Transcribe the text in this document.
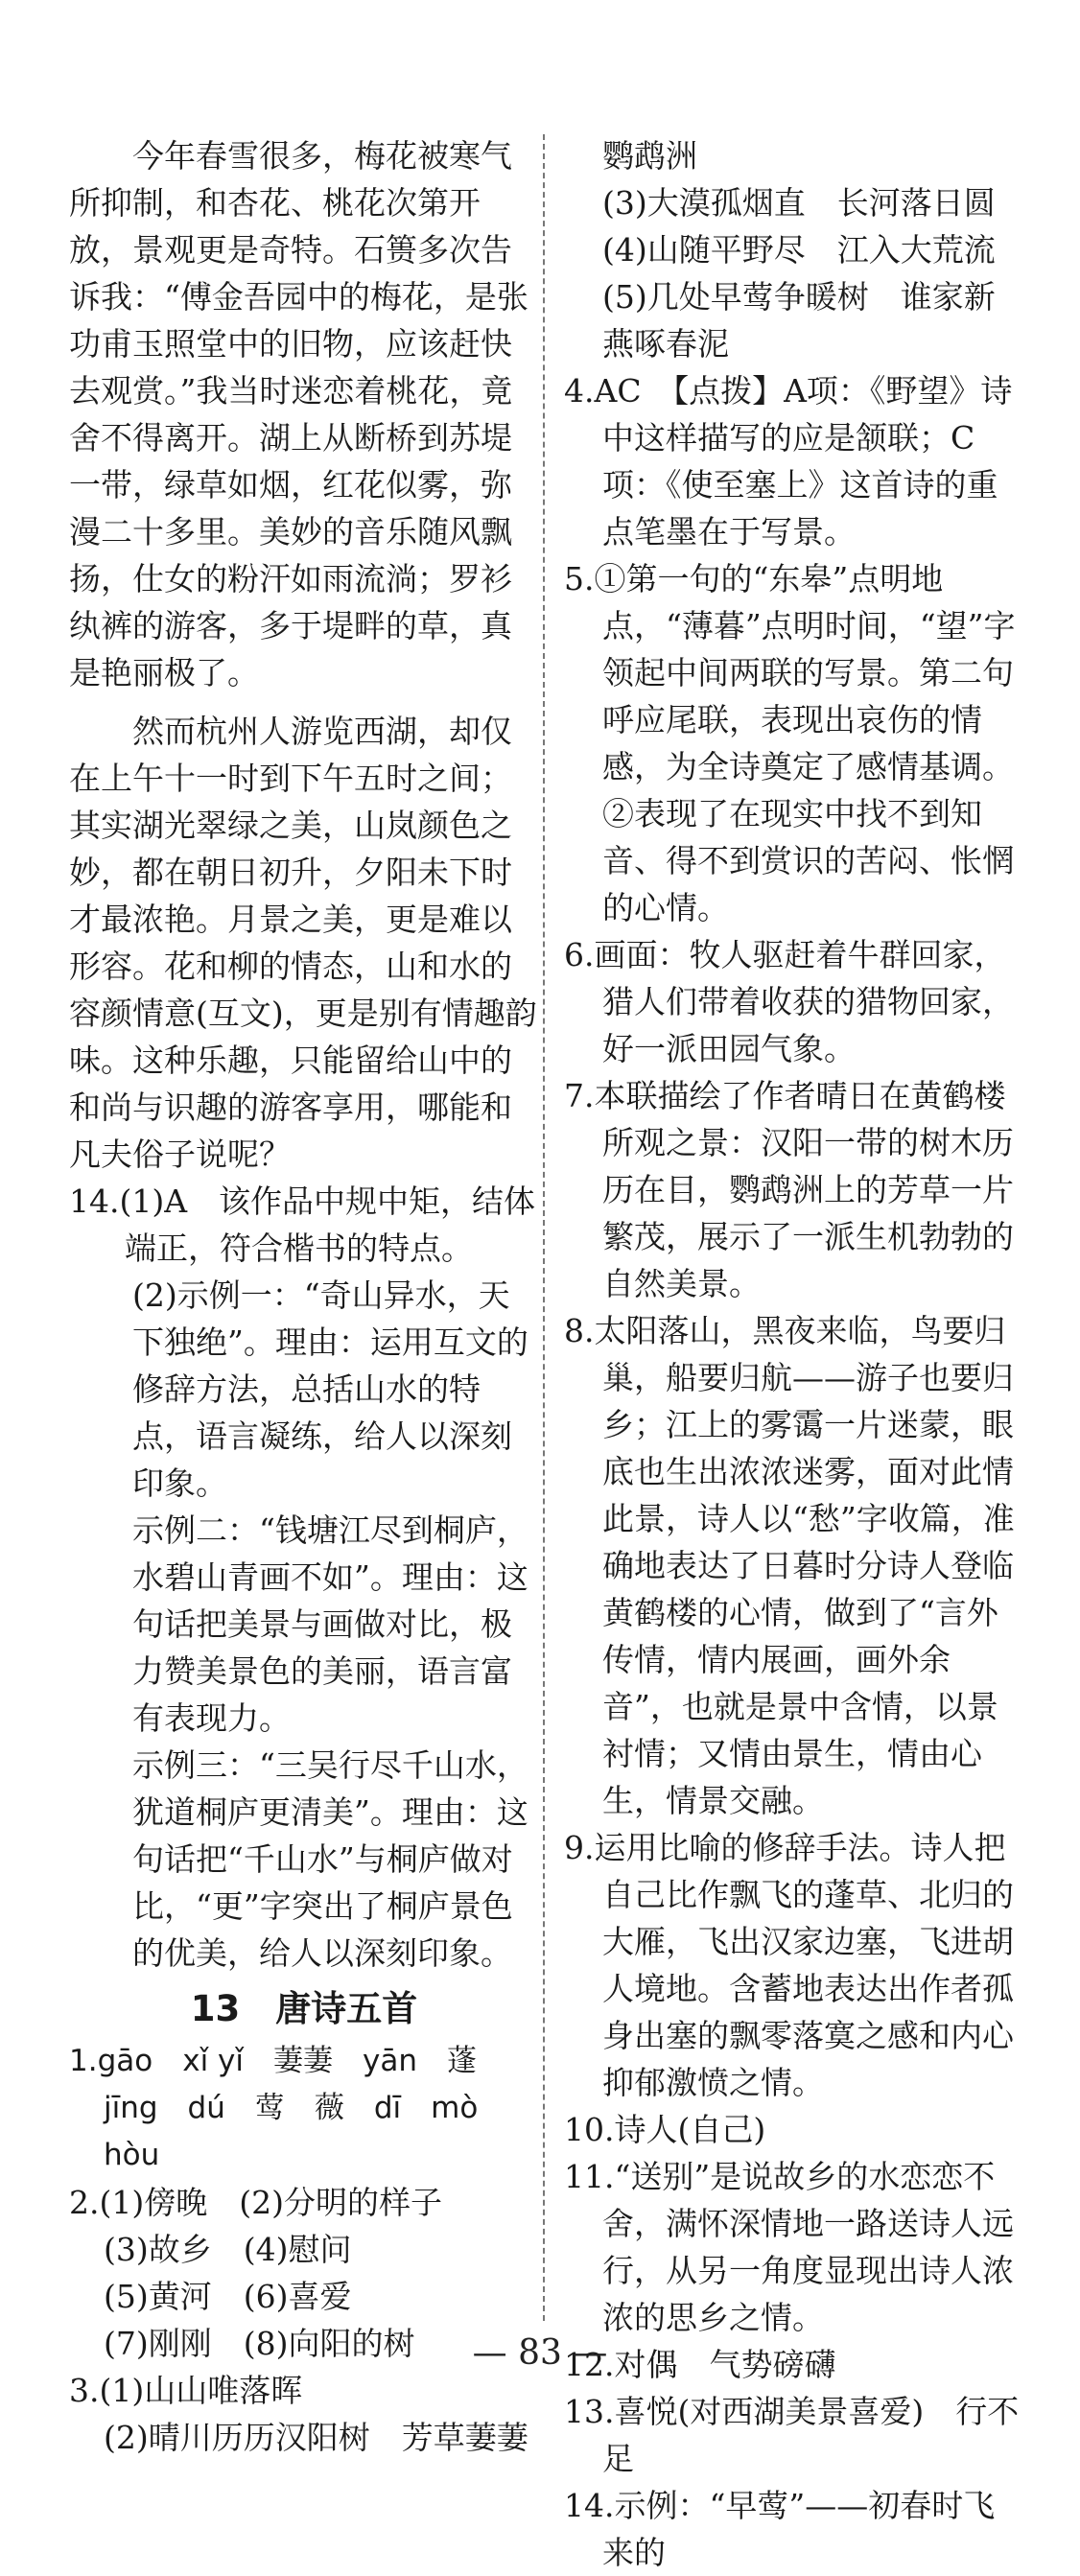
今年春雪很多，梅花被寒气所抑制，和杏花、桃花次第开放，景观更是奇特。石篑多次告诉我：“傅金吾园中的梅花，是张功甫玉照堂中的旧物，应该赶快去观赏。”我当时迷恋着桃花，竟舍不得离开。湖上从断桥到苏堤一带，绿草如烟，红花似雾，弥漫二十多里。美妙的音乐随风飘扬，仕女的粉汗如雨流淌；罗衫纨裤的游客，多于堤畔的草，真是艳丽极了。

然而杭州人游览西湖，却仅在上午十一时到下午五时之间；其实湖光翠绿之美，山岚颜色之妙，都在朝日初升，夕阳未下时才最浓艳。月景之美，更是难以形容。花和柳的情态，山和水的容颜情意(互文)，更是别有情趣韵味。这种乐趣，只能留给山中的和尚与识趣的游客享用，哪能和凡夫俗子说呢？

14.(1)A　该作品中规中矩，结体端正，符合楷书的特点。

(2)示例一：“奇山异水，天下独绝”。理由：运用互文的修辞方法，总括山水的特点，语言凝练，给人以深刻印象。

示例二：“钱塘江尽到桐庐，水碧山青画不如”。理由：这句话把美景与画做对比，极力赞美景色的美丽，语言富有表现力。

示例三：“三吴行尽千山水，犹道桐庐更清美”。理由：这句话把“千山水”与桐庐做对比，“更”字突出了桐庐景色的优美，给人以深刻印象。

13　唐诗五首

1.gāo　xǐ yǐ　萋萋　yān　蓬

jīng　dú　莺　薇　dī　mò

hòu

2.(1)傍晚　(2)分明的样子

(3)故乡　(4)慰问

(5)黄河　(6)喜爱

(7)刚刚　(8)向阳的树

3.(1)山山唯落晖

(2)晴川历历汉阳树　芳草萋萋

鹦鹉洲

(3)大漠孤烟直　长河落日圆

(4)山随平野尽　江入大荒流

(5)几处早莺争暖树　谁家新燕啄春泥

4.AC　【点拨】A项：《野望》诗中这样描写的应是颔联；C项：《使至塞上》这首诗的重点笔墨在于写景。

5.①第一句的“东皋”点明地点，“薄暮”点明时间，“望”字领起中间两联的写景。第二句呼应尾联，表现出哀伤的情感，为全诗奠定了感情基调。②表现了在现实中找不到知音、得不到赏识的苦闷、怅惘的心情。

6.画面：牧人驱赶着牛群回家，猎人们带着收获的猎物回家，好一派田园气象。

7.本联描绘了作者晴日在黄鹤楼所观之景：汉阳一带的树木历历在目，鹦鹉洲上的芳草一片繁茂，展示了一派生机勃勃的自然美景。

8.太阳落山，黑夜来临，鸟要归巢，船要归航——游子也要归乡；江上的雾霭一片迷蒙，眼底也生出浓浓迷雾，面对此情此景，诗人以“愁”字收篇，准确地表达了日暮时分诗人登临黄鹤楼的心情，做到了“言外传情，情内展画，画外余音”，也就是景中含情，以景衬情；又情由景生，情由心生，情景交融。

9.运用比喻的修辞手法。诗人把自己比作飘飞的蓬草、北归的大雁，飞出汉家边塞，飞进胡人境地。含蓄地表达出作者孤身出塞的飘零落寞之感和内心抑郁激愤之情。

10.诗人(自己)

11.“送别”是说故乡的水恋恋不舍，满怀深情地一路送诗人远行，从另一角度显现出诗人浓浓的思乡之情。

12.对偶　气势磅礴

13.喜悦(对西湖美景喜爱)　行不足

14.示例：“早莺”——初春时飞来的

— 83 —
